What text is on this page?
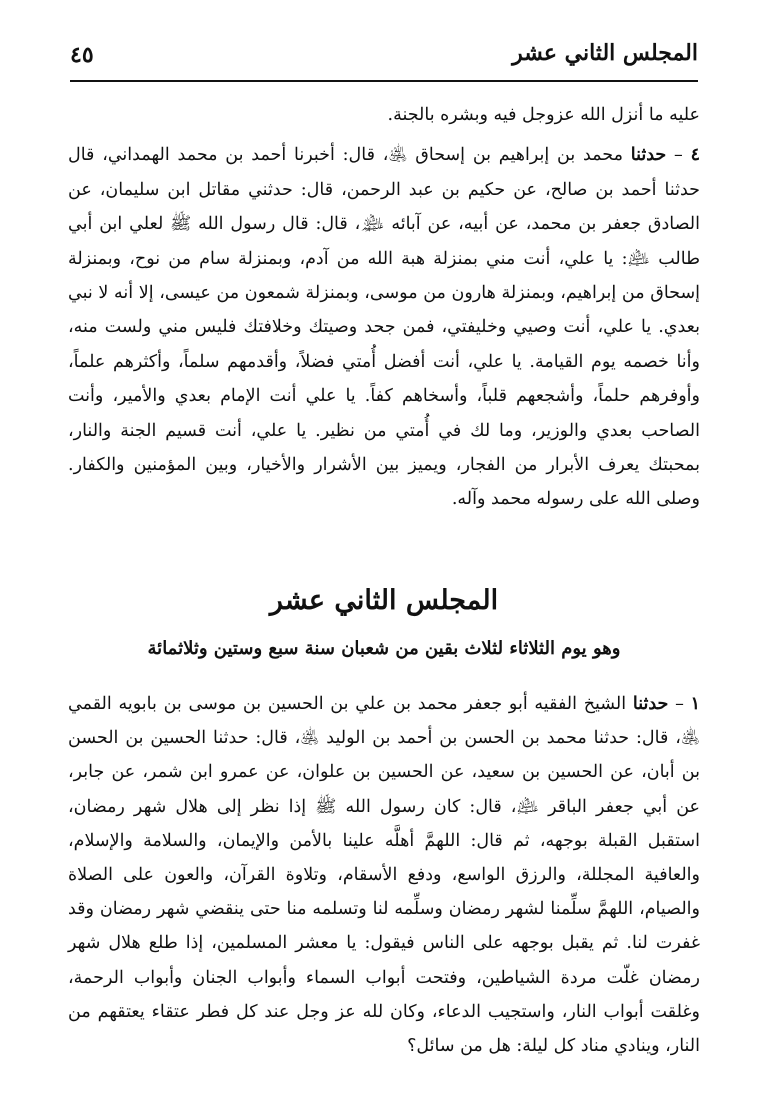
المجلس الثاني عشر
٤٥

عليه ما أنزل الله عزوجل فيه وبشره بالجنة.

٤ – حدثنا محمد بن إبراهيم بن إسحاق ﵁، قال: أخبرنا أحمد بن محمد الهمداني، قال حدثنا أحمد بن صالح، عن حكيم بن عبد الرحمن، قال: حدثني مقاتل ابن سليمان، عن الصادق جعفر بن محمد، عن أبيه، عن آبائه ﵈، قال: قال رسول الله ﷺ لعلي ابن أبي طالب ﵇: يا علي، أنت مني بمنزلة هبة الله من آدم، وبمنزلة سام من نوح، وبمنزلة إسحاق من إبراهيم، وبمنزلة هارون من موسى، وبمنزلة شمعون من عيسى، إلا أنه لا نبي بعدي. يا علي، أنت وصيي وخليفتي، فمن جحد وصيتك وخلافتك فليس مني ولست منه، وأنا خصمه يوم القيامة. يا علي، أنت أفضل أُمتي فضلاً، وأقدمهم سلماً، وأكثرهم علماً، وأوفرهم حلماً، وأشجعهم قلباً، وأسخاهم كفاً. يا علي أنت الإمام بعدي والأمير، وأنت الصاحب بعدي والوزير، وما لك في أُمتي من نظير. يا علي، أنت قسيم الجنة والنار، بمحبتك يعرف الأبرار من الفجار، ويميز بين الأشرار والأخيار، وبين المؤمنين والكفار. وصلى الله على رسوله محمد وآله.

المجلس الثاني عشر
وهو يوم الثلاثاء لثلاث بقين من شعبان سنة سبع وستين وثلاثمائة

١ – حدثنا الشيخ الفقيه أبو جعفر محمد بن علي بن الحسين بن موسى بن بابويه القمي ﵁، قال: حدثنا محمد بن الحسن بن أحمد بن الوليد ﵁، قال: حدثنا الحسين بن الحسن بن أبان، عن الحسين بن سعيد، عن الحسين بن علوان، عن عمرو ابن شمر، عن جابر، عن أبي جعفر الباقر ﵇، قال: كان رسول الله ﷺ إذا نظر إلى هلال شهر رمضان، استقبل القبلة بوجهه، ثم قال: اللهمَّ أهلَّه علينا بالأمن والإيمان، والسلامة والإسلام، والعافية المجللة، والرزق الواسع، ودفع الأسقام، وتلاوة القرآن، والعون على الصلاة والصيام، اللهمَّ سلِّمنا لشهر رمضان وسلِّمه لنا وتسلمه منا حتى ينقضي شهر رمضان وقد غفرت لنا. ثم يقبل بوجهه على الناس فيقول: يا معشر المسلمين، إذا طلع هلال شهر رمضان غلّت مردة الشياطين، وفتحت أبواب السماء وأبواب الجنان وأبواب الرحمة، وغلقت أبواب النار، واستجيب الدعاء، وكان لله عز وجل عند كل فطر عتقاء يعتقهم من النار، وينادي مناد كل ليلة: هل من سائل؟
